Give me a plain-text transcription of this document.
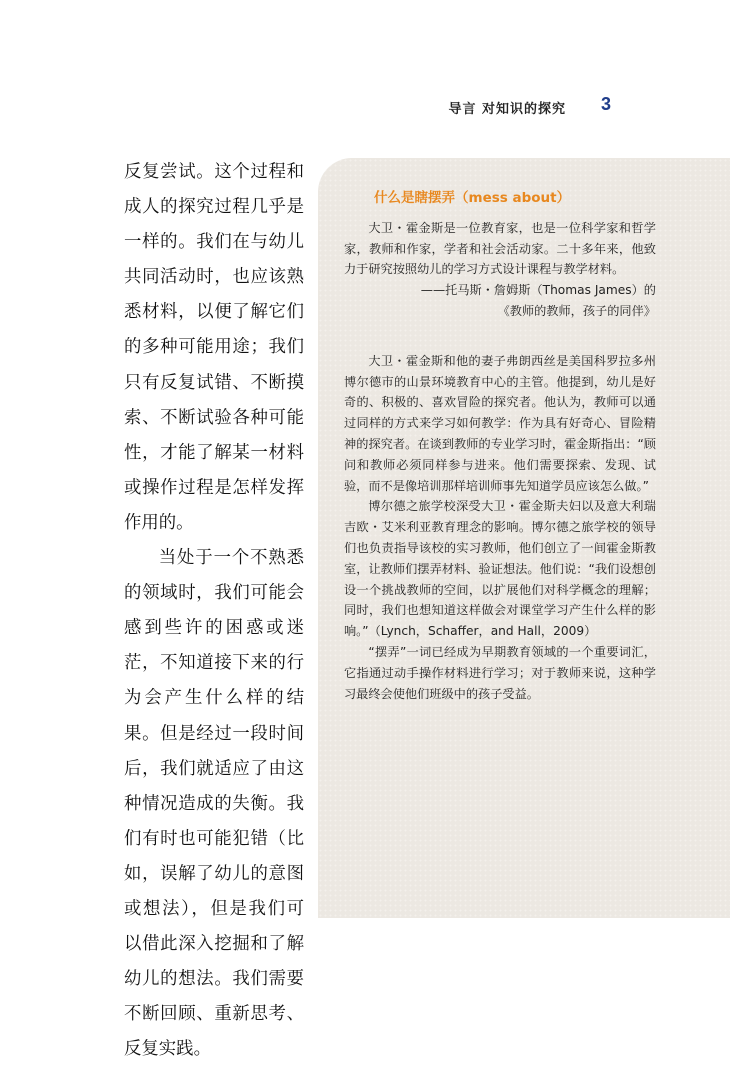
导言 对知识的探究 3

反复尝试。这个过程和成人的探究过程几乎是一样的。我们在与幼儿共同活动时，也应该熟悉材料，以便了解它们的多种可能用途；我们只有反复试错、不断摸索、不断试验各种可能性，才能了解某一材料或操作过程是怎样发挥作用的。

当处于一个不熟悉的领域时，我们可能会感到些许的困惑或迷茫，不知道接下来的行为会产生什么样的结果。但是经过一段时间后，我们就适应了由这种情况造成的失衡。我们有时也可能犯错（比如，误解了幼儿的意图或想法），但是我们可以借此深入挖掘和了解幼儿的想法。我们需要不断回顾、重新思考、反复实践。

什么是瞎摆弄（mess about）

大卫・霍金斯是一位教育家，也是一位科学家和哲学家，教师和作家，学者和社会活动家。二十多年来，他致力于研究按照幼儿的学习方式设计课程与教学材料。

——托马斯・詹姆斯（Thomas James）的

《教师的教师，孩子的同伴》

大卫・霍金斯和他的妻子弗朗西丝是美国科罗拉多州博尔德市的山景环境教育中心的主管。他提到，幼儿是好奇的、积极的、喜欢冒险的探究者。他认为，教师可以通过同样的方式来学习如何教学：作为具有好奇心、冒险精神的探究者。在谈到教师的专业学习时，霍金斯指出：“顾问和教师必须同样参与进来。他们需要探索、发现、试验，而不是像培训那样培训师事先知道学员应该怎么做。”

博尔德之旅学校深受大卫・霍金斯夫妇以及意大利瑞吉欧・艾米利亚教育理念的影响。博尔德之旅学校的领导们也负责指导该校的实习教师，他们创立了一间霍金斯教室，让教师们摆弄材料、验证想法。他们说：“我们设想创设一个挑战教师的空间，以扩展他们对科学概念的理解；同时，我们也想知道这样做会对课堂学习产生什么样的影响。”（Lynch，Schaffer，and Hall，2009）

“摆弄”一词已经成为早期教育领域的一个重要词汇，它指通过动手操作材料进行学习；对于教师来说，这种学习最终会使他们班级中的孩子受益。
